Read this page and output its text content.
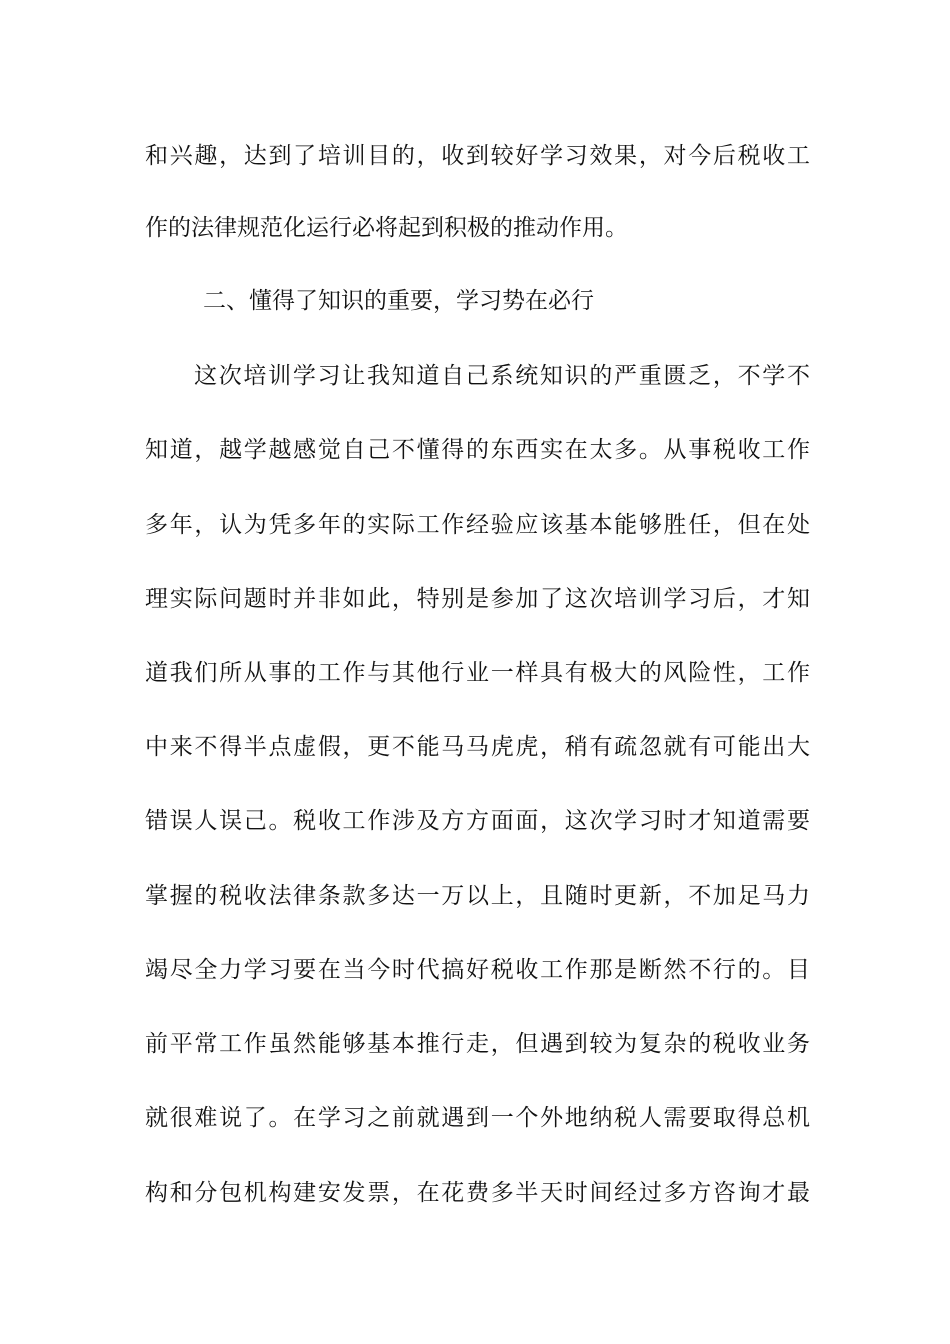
和兴趣，达到了培训目的，收到较好学习效果，对今后税收工
作的法律规范化运行必将起到积极的推动作用。
二、懂得了知识的重要，学习势在必行
这次培训学习让我知道自己系统知识的严重匮乏，不学不
知道，越学越感觉自己不懂得的东西实在太多。从事税收工作
多年，认为凭多年的实际工作经验应该基本能够胜任，但在处
理实际问题时并非如此，特别是参加了这次培训学习后，才知
道我们所从事的工作与其他行业一样具有极大的风险性，工作
中来不得半点虚假，更不能马马虎虎，稍有疏忽就有可能出大
错误人误己。税收工作涉及方方面面，这次学习时才知道需要
掌握的税收法律条款多达一万以上，且随时更新，不加足马力
竭尽全力学习要在当今时代搞好税收工作那是断然不行的。目
前平常工作虽然能够基本推行走，但遇到较为复杂的税收业务
就很难说了。在学习之前就遇到一个外地纳税人需要取得总机
构和分包机构建安发票，在花费多半天时间经过多方咨询才最
